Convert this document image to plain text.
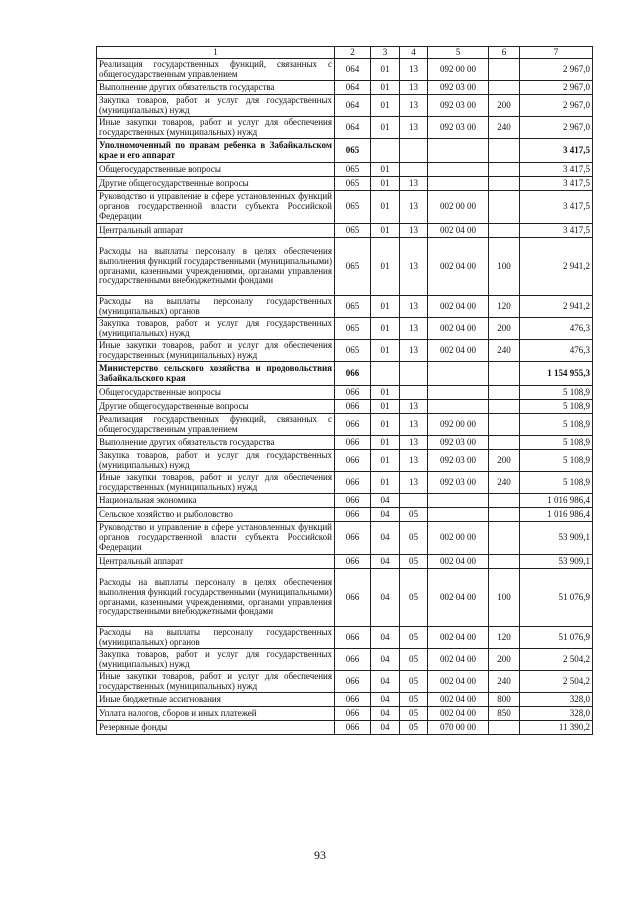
1	2	3	4	5	6	7
Реализация государственных функций, связанных с общегосударственным управлением	064	01	13	092 00 00		2 967,0
Выполнение других обязательств государства	064	01	13	092 03 00		2 967,0
Закупка товаров, работ и услуг для государственных (муниципальных) нужд	064	01	13	092 03 00	200	2 967,0
Иные закупки товаров, работ и услуг для обеспечения государственных (муниципальных) нужд	064	01	13	092 03 00	240	2 967,0
Уполномоченный по правам ребенка в Забайкальском крае и его аппарат	065					3 417,5
Общегосударственные вопросы	065	01				3 417,5
Другие общегосударственные вопросы	065	01	13			3 417,5
Руководство и управление в сфере установленных функций органов государственной власти субъекта Российской Федерации	065	01	13	002 00 00		3 417,5
Центральный аппарат	065	01	13	002 04 00		3 417,5
Расходы на выплаты персоналу в целях обеспечения выполнения функций государственными (муниципальными) органами, казенными учреждениями, органами управления государственными внебюджетными фондами	065	01	13	002 04 00	100	2 941,2
Расходы на выплаты персоналу государственных (муниципальных) органов	065	01	13	002 04 00	120	2 941,2
Закупка товаров, работ и услуг для государственных (муниципальных) нужд	065	01	13	002 04 00	200	476,3
Иные закупки товаров, работ и услуг для обеспечения государственных (муниципальных) нужд	065	01	13	002 04 00	240	476,3
Министерство сельского хозяйства и продовольствия Забайкальского края	066					1 154 955,3
Общегосударственные вопросы	066	01				5 108,9
Другие общегосударственные вопросы	066	01	13			5 108,9
Реализация государственных функций, связанных с общегосударственным управлением	066	01	13	092 00 00		5 108,9
Выполнение других обязательств государства	066	01	13	092 03 00		5 108,9
Закупка товаров, работ и услуг для государственных (муниципальных) нужд	066	01	13	092 03 00	200	5 108,9
Иные закупки товаров, работ и услуг для обеспечения государственных (муниципальных) нужд	066	01	13	092 03 00	240	5 108,9
Национальная экономика	066	04				1 016 986,4
Сельское хозяйство и рыболовство	066	04	05			1 016 986,4
Руководство и управление в сфере установленных функций органов государственной власти субъекта Российской Федерации	066	04	05	002 00 00		53 909,1
Центральный аппарат	066	04	05	002 04 00		53 909,1
Расходы на выплаты персоналу в целях обеспечения выполнения функций государственными (муниципальными) органами, казенными учреждениями, органами управления государственными внебюджетными фондами	066	04	05	002 04 00	100	51 076,9
Расходы на выплаты персоналу государственных (муниципальных) органов	066	04	05	002 04 00	120	51 076,9
Закупка товаров, работ и услуг для государственных (муниципальных) нужд	066	04	05	002 04 00	200	2 504,2
Иные закупки товаров, работ и услуг для обеспечения государственных (муниципальных) нужд	066	04	05	002 04 00	240	2 504,2
Иные бюджетные ассигнования	066	04	05	002 04 00	800	328,0
Уплата налогов, сборов и иных платежей	066	04	05	002 04 00	850	328,0
Резервные фонды	066	04	05	070 00 00		11 390,2
93
